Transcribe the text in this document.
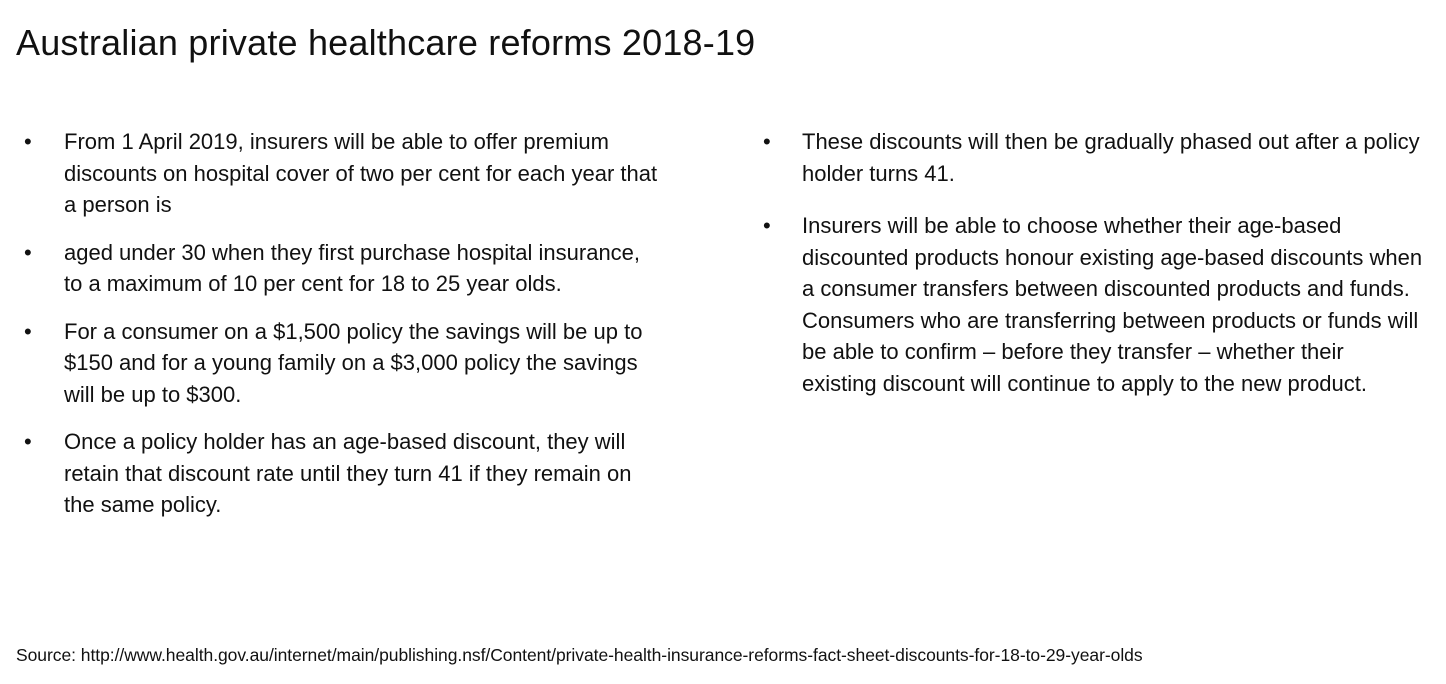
Australian private healthcare reforms 2018-19
•	From 1 April 2019, insurers will be able to offer premium discounts on hospital cover of two per cent for each year that a person is
•	aged under 30 when they first purchase hospital insurance, to a maximum of 10 per cent for 18 to 25 year olds.
•	For a consumer on a $1,500 policy the savings will be up to $150 and for a young family on a $3,000 policy the savings will be up to $300.
•	Once a policy holder has an age-based discount, they will retain that discount rate until they turn 41 if they remain on the same policy.
•	These discounts will then be gradually phased out after a policy holder turns 41.
•	Insurers will be able to choose whether their age-based discounted products honour existing age-based discounts when a consumer transfers between discounted products and funds. Consumers who are transferring between products or funds will be able to confirm – before they transfer – whether their existing discount will continue to apply to the new product.

Source: http://www.health.gov.au/internet/main/publishing.nsf/Content/private-health-insurance-reforms-fact-sheet-discounts-for-18-to-29-year-olds
